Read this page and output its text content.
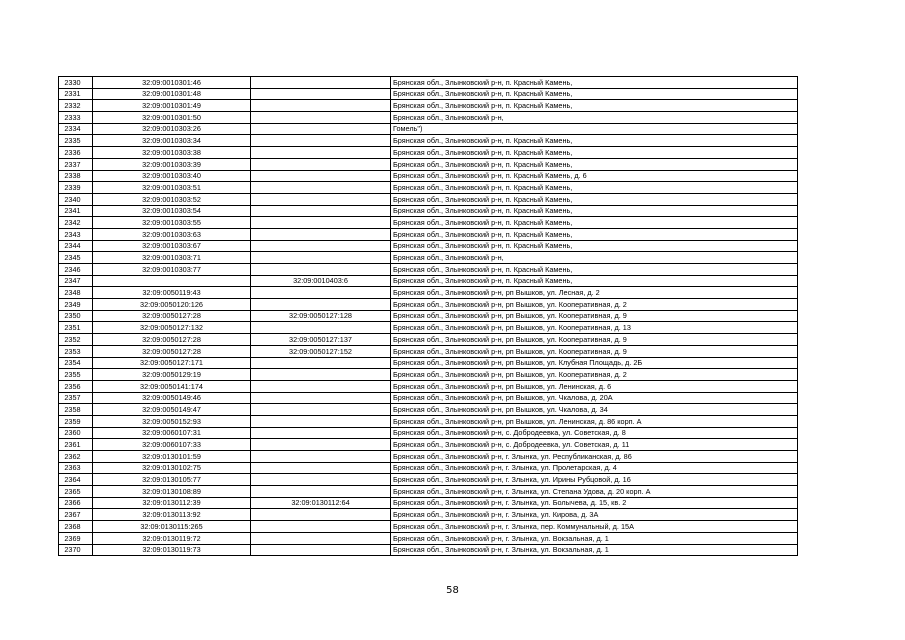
2330	32:09:0010301:46		Брянская обл., Злынковский р-н, п. Красный Камень,
2331	32:09:0010301:48		Брянская обл., Злынковский р-н, п. Красный Камень,
2332	32:09:0010301:49		Брянская обл., Злынковский р-н, п. Красный Камень,
2333	32:09:0010301:50		Брянская обл., Злынковский р-н,
2334	32:09:0010303:26		Гомель")
2335	32:09:0010303:34		Брянская обл., Злынковский р-н, п. Красный Камень,
2336	32:09:0010303:38		Брянская обл., Злынковский р-н, п. Красный Камень,
2337	32:09:0010303:39		Брянская обл., Злынковский р-н, п. Красный Камень,
2338	32:09:0010303:40		Брянская обл., Злынковский р-н, п. Красный Камень, д. 6
2339	32:09:0010303:51		Брянская обл., Злынковский р-н, п. Красный Камень,
2340	32:09:0010303:52		Брянская обл., Злынковский р-н, п. Красный Камень,
2341	32:09:0010303:54		Брянская обл., Злынковский р-н, п. Красный Камень,
2342	32:09:0010303:55		Брянская обл., Злынковский р-н, п. Красный Камень,
2343	32:09:0010303:63		Брянская обл., Злынковский р-н, п. Красный Камень,
2344	32:09:0010303:67		Брянская обл., Злынковский р-н, п. Красный Камень,
2345	32:09:0010303:71		Брянская обл., Злынковский р-н,
2346	32:09:0010303:77		Брянская обл., Злынковский р-н, п. Красный Камень,
2347		32:09:0010403:6	Брянская обл., Злынковский р-н, п. Красный Камень,
2348	32:09:0050119:43		Брянская обл., Злынковский р-н, рп Вышков, ул. Лесная, д. 2
2349	32:09:0050120:126		Брянская обл., Злынковский р-н, рп Вышков, ул. Кооперативная, д. 2
2350	32:09:0050127:28	32:09:0050127:128	Брянская обл., Злынковский р-н, рп Вышков, ул. Кооперативная, д. 9
2351	32:09:0050127:132		Брянская обл., Злынковский р-н, рп Вышков, ул. Кооперативная, д. 13
2352	32:09:0050127:28	32:09:0050127:137	Брянская обл., Злынковский р-н, рп Вышков, ул. Кооперативная, д. 9
2353	32:09:0050127:28	32:09:0050127:152	Брянская обл., Злынковский р-н, рп Вышков, ул. Кооперативная, д. 9
2354	32:09:0050127:171		Брянская обл., Злынковский р-н, рп Вышков, ул. Клубная Площадь, д. 2Б
2355	32:09:0050129:19		Брянская обл., Злынковский р-н, рп Вышков, ул. Кооперативная, д. 2
2356	32:09:0050141:174		Брянская обл., Злынковский р-н, рп Вышков, ул. Ленинская, д. 6
2357	32:09:0050149:46		Брянская обл., Злынковский р-н, рп Вышков, ул. Чкалова, д. 20А
2358	32:09:0050149:47		Брянская обл., Злынковский р-н, рп Вышков, ул. Чкалова, д. 34
2359	32:09:0050152:93		Брянская обл., Злынковский р-н, рп Вышков, ул. Ленинская, д. 86 корп. А
2360	32:09:0060107:31		Брянская обл., Злынковский р-н, с. Добродеевка, ул. Советская, д. 8
2361	32:09:0060107:33		Брянская обл., Злынковский р-н, с. Добродеевка, ул. Советская, д. 11
2362	32:09:0130101:59		Брянская обл., Злынковский р-н, г. Злынка, ул. Республиканская, д. 86
2363	32:09:0130102:75		Брянская обл., Злынковский р-н, г. Злынка, ул. Пролетарская, д. 4
2364	32:09:0130105:77		Брянская обл., Злынковский р-н, г. Злынка, ул. Ирины Рубцовой, д. 16
2365	32:09:0130108:89		Брянская обл., Злынковский р-н, г. Злынка, ул. Степана Удова, д. 20 корп. А
2366	32:09:0130112:39	32:09:0130112:64	Брянская обл., Злынковский р-н, г. Злынка, ул. Болычева, д. 15, кв. 2
2367	32:09:0130113:92		Брянская обл., Злынковский р-н, г. Злынка, ул. Кирова, д. 3А
2368	32:09:0130115:265		Брянская обл., Злынковский р-н, г. Злынка, пер. Коммунальный, д. 15А
2369	32:09:0130119:72		Брянская обл., Злынковский р-н, г. Злынка, ул. Вокзальная, д. 1
2370	32:09:0130119:73		Брянская обл., Злынковский р-н, г. Злынка, ул. Вокзальная, д. 1
58
